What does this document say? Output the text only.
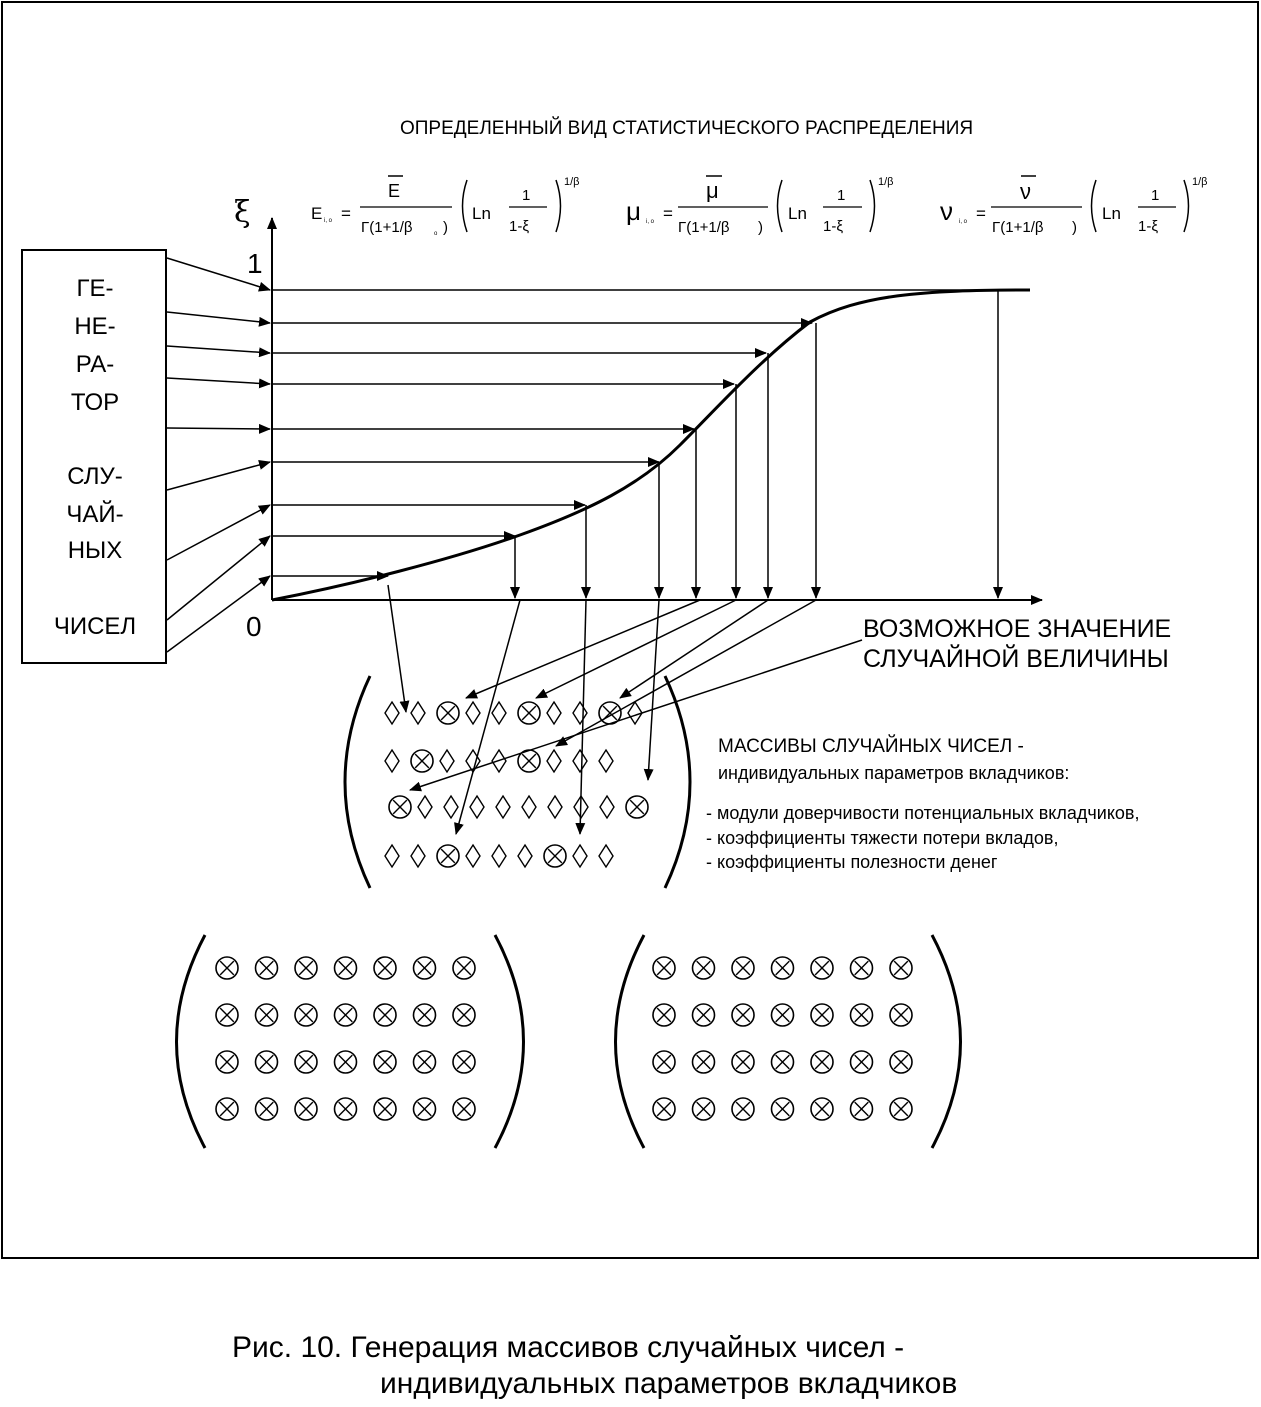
ОПРЕДЕЛЕННЫЙ ВИД СТАТИСТИЧЕСКОГО РАСПРЕДЕЛЕНИЯ
E i, o =
E
Γ(1+1/β	o )
Ln
1
1-ξ
1/β
μ i, o =
μ
Γ(1+1/β )
Ln
1
1-ξ
1/β
ν i, o =
ν
Γ(1+1/β )
Ln
1
1-ξ
1/β
ξ
1
0	ВОЗМОЖНОЕ ЗНАЧЕНИЕ
СЛУЧАЙНОЙ ВЕЛИЧИНЫ
ГЕ-
НЕ-
РА-
ТОР
СЛУ-
ЧАЙ-
НЫХ
ЧИСЕЛ
МАССИВЫ СЛУЧАЙНЫХ ЧИСЕЛ -
индивидуальных параметров вкладчиков:
- модули доверчивости потенциальных вкладчиков,
- коэффициенты тяжести потери вкладов,
- коэффициенты полезности денег
Рис. 10. Генерация массивов случайных чисел -
индивидуальных параметров вкладчиков
